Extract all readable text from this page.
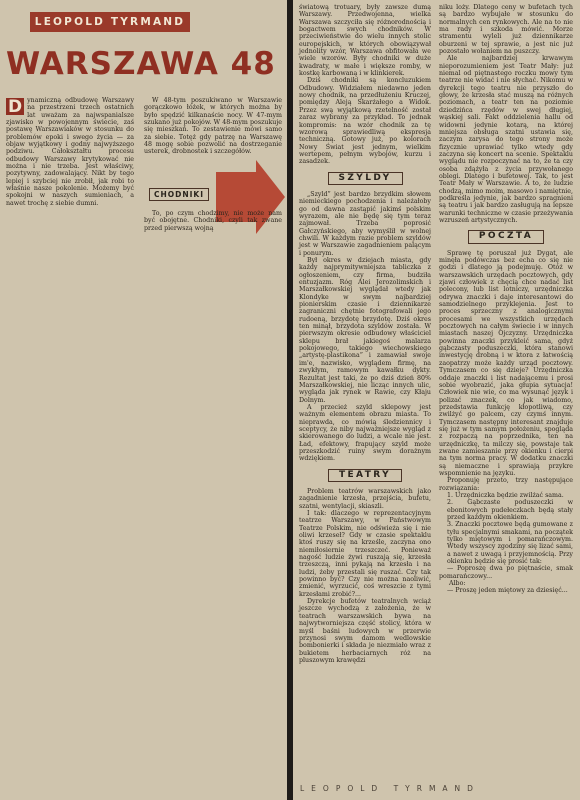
LEOPOLD TYRMAND
WARSZAWA 48

D ynamiczną odbudowę Warszawy na przestrzeni trzech ostatnich lat uważam za najwspanialsze zjawisko w powojennym świecie, zaś postawę Warszawiaków w stosunku do problemów epoki i swego życia — za objaw wyjątkowy i godny najwyższego podziwu. Całokształtu procesu odbudowy Warszawy krytykować nie można i nie trzeba. Jest właściwy, pozytywny, zadowalający. Nikt by tego lepiej i szybciej nie zrobił, jak robi to właśnie nasze pokolenie. Możemy być spokojni w naszych sumieniach, a nawet trochę z siebie dumni.

W 48-tym poszukiwano w Warszawie gorączkowo łóżek, w których można by było spędzić kilkanaście nocy. W 47-mym szukano już pokojów. W 48-mym poszukuje się mieszkań. To zestawienie mówi samo za siebie. Totęż gdy patrzę na Warszawę 48 mogę sobie pozwolić na dostrzeganie usterek, drobnostek i szczegółów.

CHODNIKI

To, po czym chodzimy, nie może nam być obojętne. Chodniki, czyli tak zwane przed pierwszą wojną

światową trotuary, były zawsze dumą Warszawy. Przedwojenna, wielka Warszawa szczyciła się różnorodnością i bogactwem swych chodników. W przeciwieństwie do wielu innych stolic europejskich, w których obowiązywał jednolity wzór, Warszawa obfitowała we wiele wzorów. Były chodniki w duże kwadraty, w małe i większe romby, w kostkę karbowaną i w klinkierek.

Dziś chodniki są koncluzukiem Odbudowy. Widziałem niedawno jeden nowy chodnik, na przedłużeniu Kruczej, pomiędzy Aleją Skarżałego a Widok. Przez swą wyjątkową rzetelność został zaraz wybrany za przykład. To jednak kompromis: na wzór chodnik za tę wzorową sprawiedliwą ekspresja techniczną. Gotowy już, po kolorach Nowy Świat jest jednym, wielkim wertepem, pełnym wybojów, kurzu i zasadzek.

SZYLDY

„Szyld” jest bardzo brzydkim słowem niemieckiego pochodzenia i należałoby go od dawna zastąpić jakimś polskim wyrazem, ale nie będę się tym teraz zajmował. Trzeba poprosić Gałczyńskiego, aby wymyślił w wolnej chwili. W każdym razie problem szyldów jest w Warszawie zagadnieniem palącym i ponurym.

Był okres w dziejach miasta, gdy każdy najprymitywniejsza tabliczka z ogłoszeniem, czy firma, budziła entuzjazm. Róg Alei Jerozolimskich i Marszałkowskiej wyglądał wtedy jak Klondyke w swym najbardziej pionierskim czasie i dziennikarze zagraniczni chętnie fotografowali jego rudoeną, brzydotę brzydotę. Dziś okres ten minął, brzydota szyldów została. W pierwszym okresie odbudowy właściciel sklepu brał jakiegoś malarza pokojowego, takiego wiechowskiego „artystę-plastikona” i zamawiał swoje im'e, nazwisko, wyglądem firmę, na zwykłym, ramowym kawałku dykty. Rezultat jest taki, że po dziś dzień 80% Marszałkowskiej, nie licząc innych ulic, wygląda jak rynek w Rawie, czy Kłaju Dolnym.

A przecież szyld sklepowy jest ważnym elementem obrazu miasta. To nieprawda, co mówią śledziennicy i sceptycy, że niby najważniejsze wygląd z skierowanego do ludzi, a wcale nie jest. Ład, efektowy, frapujący szyld może przeszkodzić ruiny swym dorażnym wdziękiem.

TEATRY

Problem teatrów warszawskich jako zagadnienie krzesła, przejścia, bufetu, szatni, wentylacji, skiaszli.

I tak: dlaczego w reprezentacyjnym teatrze Warszawy, w Państwowym Teatrze Polskim, nie odświeża się i nie oliwi krzeseł? Gdy w czasie spektaklu ktoś ruszy się na krześle, zaczyna ono niemiłosiernie trzeszczeć. Ponieważ nagość ludzie żywi ruszają się, krzesła trzeszczą, inni pykają na krzesła i na ludzi, żeby przestali się ruszać. Czy tak powinno być? Czy nie można naoliwić, zmienić, wyrzucić, coś wreszcie z tymi krzesłami zrobić?...

Dyrekcje bufetów teatralnych wciąż jeszcze wychodzą z założenia, że w teatrach warszawskich bywa na najwytworniejsza część stolicy, która w myśl baśni ludowych w przerwie przynosi swym damom wedlowskie bombonierki i składa je niezmiało wraz z bukietem herbaciarnych róż na pluszowym krawędzi

niku loży. Dlatego ceny w bufetach tych są bardzo wybujałe w stosunku do normalnych cen rynkowych. Ale na to nie ma rady i szkoda mówić. Morze stramentu wyleli już dziennikarze oburzeni w tej sprawie, a jest nic już pozostało wołaniem na puszczy.

Ale najbardziej krwawym nieporozumieniem jest Teatr Mały: już niemal od piętnastego roczku mowy tym teatrze nie widać i nie słychać. Nikomu w dyrekcji tego teatru nie przyszło do głowy, że krzesła stać muszą na różnych poziomach, a teatr ten na poziomie dziedzińca rzędów w swej długiej, wąskiej sali. Fakt oddzielenia hallu od widowni jedynie kotarą, na której mniejsza obsługa szatni ustawia się, zaczym zarysa do tego strony może fizycznie uprawiać tylko wtedy gdy zaczyna się koncert na scenie. Spektaklu wyglądu nie rozpoczynać na to, że ta czy osoba zdążyła z życia przywołanego oblegi. Dlatego i bufetowej. Tak, to jest Teatr Mały w Warszawie. A to, że ludzie chodzą, mimo moim, masowo i namiętnie, podkreśla jedynie, jak bardzo spragnieni są teatru i jak bardzo zasługują na lepsze warunki techniczne w czasie przeżywania wzruszeń artystycznych.

POCZTA

Sprawę tę poruszał już Dygat, ale minęła podówczas bez echa co się nie godzi i dlatego ją podejmuję. Otóż w warszawskich urzędach pocztowych, gdy zjawi człowiek z chęcią chce nadać list polecony, lub list lotniczy, urzędniczka odrywa znaczki i daje interesantowi do samodzielnego przyklejenia. Jest to proces sprzeczny z analogicznymi procesami we wszystkich urzędach pocztowych na całym świecie i w innych miastach naszej Ojczyzny. Urzędniczka powinna znaczki przykleić sama, gdyż gąbczasty poduszeczki, która stanowi inwestycję drobną i w ktora z łatwością zaopatrzy może każdy urząd pocztowy. Tymczasem co się dzieje? Urzędniczka oddaje znaczki i list nadającemu i prosi sobie wyobrazić, jaka głupia sytuacja! Człowiek nie wie, co ma wysunąć język i polizać znaczek, co jak wiadomo, przedstawia funkcję kłopotliwą, czy zwilżyć go palcem, czy czymś innym. Tymczasem następny interesant znajduje się już w tym samym położeniu, spogląda z rozpaczą na poprzednika, ten na urzędniczkę, ta milczy się, powstaje tak zwane zamieszanie przy okienku i cierpi na tym norma pracy. W dodatku znaczki są niemaczne i sprawiają przykre wspomnienie na języku.

Proponuję przeto, trzy następujące rozwiązania:

1. Urzędniczka będzie zwilżać sama.

2. Gąbczaste poduszeczki w ebonitowych pudełeczkach będą stały przed każdym okienkiem.

3. Znaczki pocztowe będą gumowane z tyłu specjalnymi smakami, na początek tylko miętowym i pomarańczowym. Wtedy wszyscy zgodziny się lizać sami, a nawet z uwagą i przyjemnością. Przy okienku będzie się prosić tak:

— Poproszę dwa po piętnaście, smak pomarańczowy...

Albo:

— Proszę jeden miętowy za dziesięć...

LEOPOLD TYRMAND
